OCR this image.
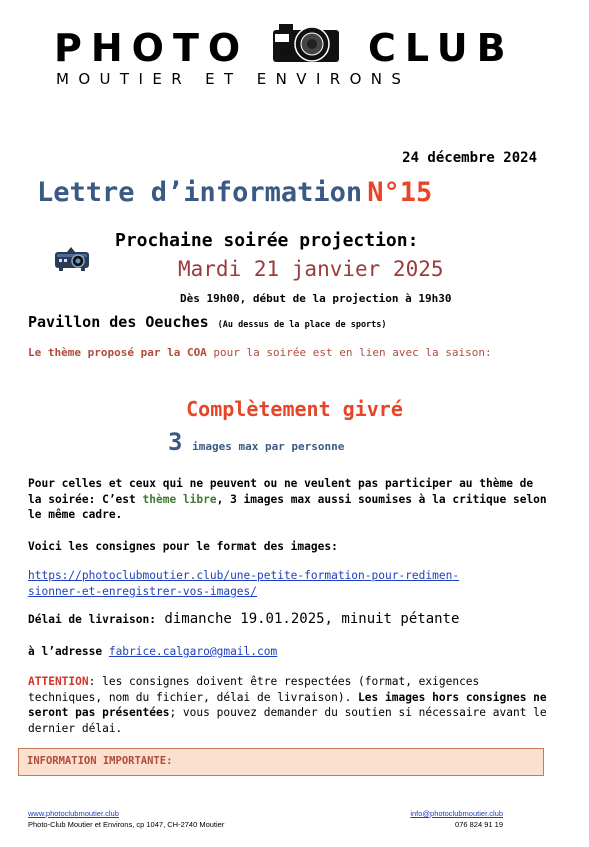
PHOTO	CLUB
MOUTIER ET ENVIRONS
24 décembre 2024
Lettre d’information N°15
Prochaine soirée projection:
Mardi 21 janvier 2025
Dès 19h00, début de la projection à 19h30
Pavillon des Oeuches (Au dessus de la place de sports)
Le thème proposé par la COA pour la soirée est en lien avec la saison:
Complètement givré
3 images max par personne
Pour celles et ceux qui ne peuvent ou ne veulent pas participer au thème de la soirée: C’est thème libre, 3 images max aussi soumises à la critique selon le même cadre.
Voici les consignes pour le format des images:
https://photoclubmoutier.club/une-petite-formation-pour-redimen-
sionner-et-enregistrer-vos-images/
Délai de livraison: dimanche 19.01.2025, minuit pétante
à l’adresse fabrice.calgaro@gmail.com
ATTENTION: les consignes doivent être respectées (format, exigences techniques, nom du fichier, délai de livraison). Les images hors consignes ne seront pas présentées; vous pouvez demander du soutien si nécessaire avant le dernier délai.
INFORMATION IMPORTANTE:
www.photoclubmoutier.club
Photo-Club Moutier et Environs, cp 1047, CH-2740 Moutier
info@photoclubmoutier.club
076 824 91 19
